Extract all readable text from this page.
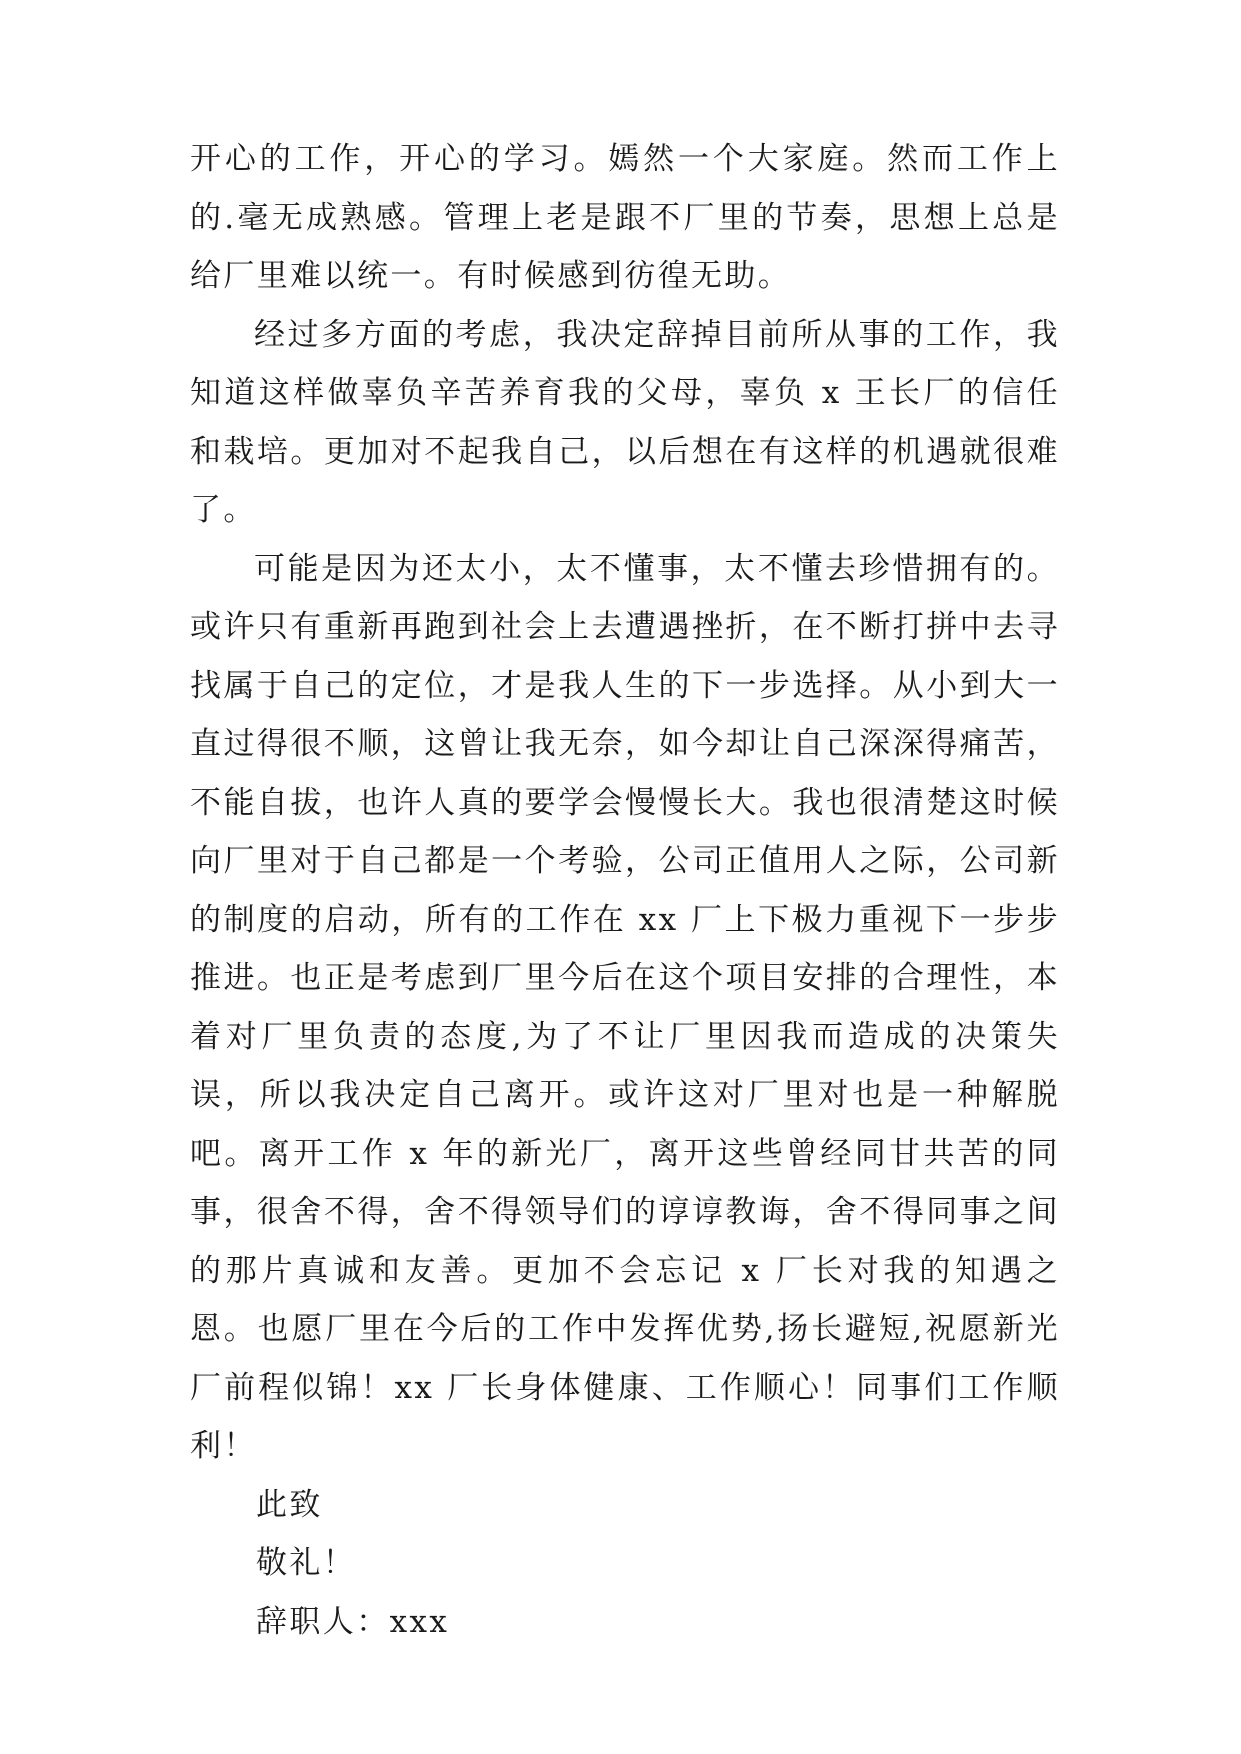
开心的工作，开心的学习。嫣然一个大家庭。然而工作上的.毫无成熟感。管理上老是跟不厂里的节奏，思想上总是给厂里难以统一。有时候感到彷徨无助。

经过多方面的考虑，我决定辞掉目前所从事的工作，我知道这样做辜负辛苦养育我的父母，辜负 x 王长厂的信任和栽培。更加对不起我自己，以后想在有这样的机遇就很难了。

可能是因为还太小，太不懂事，太不懂去珍惜拥有的。或许只有重新再跑到社会上去遭遇挫折，在不断打拼中去寻找属于自己的定位，才是我人生的下一步选择。从小到大一直过得很不顺，这曾让我无奈，如今却让自己深深得痛苦，不能自拔，也许人真的要学会慢慢长大。我也很清楚这时候向厂里对于自己都是一个考验，公司正值用人之际，公司新的制度的启动，所有的工作在 xx 厂上下极力重视下一步步推进。也正是考虑到厂里今后在这个项目安排的合理性，本着对厂里负责的态度,为了不让厂里因我而造成的决策失误，所以我决定自己离开。或许这对厂里对也是一种解脱吧。离开工作 x 年的新光厂，离开这些曾经同甘共苦的同事，很舍不得，舍不得领导们的谆谆教诲，舍不得同事之间的那片真诚和友善。更加不会忘记 x 厂长对我的知遇之恩。也愿厂里在今后的工作中发挥优势,扬长避短,祝愿新光厂前程似锦！xx 厂长身体健康、工作顺心！同事们工作顺利！

此致

敬礼！

辞职人：xxx
